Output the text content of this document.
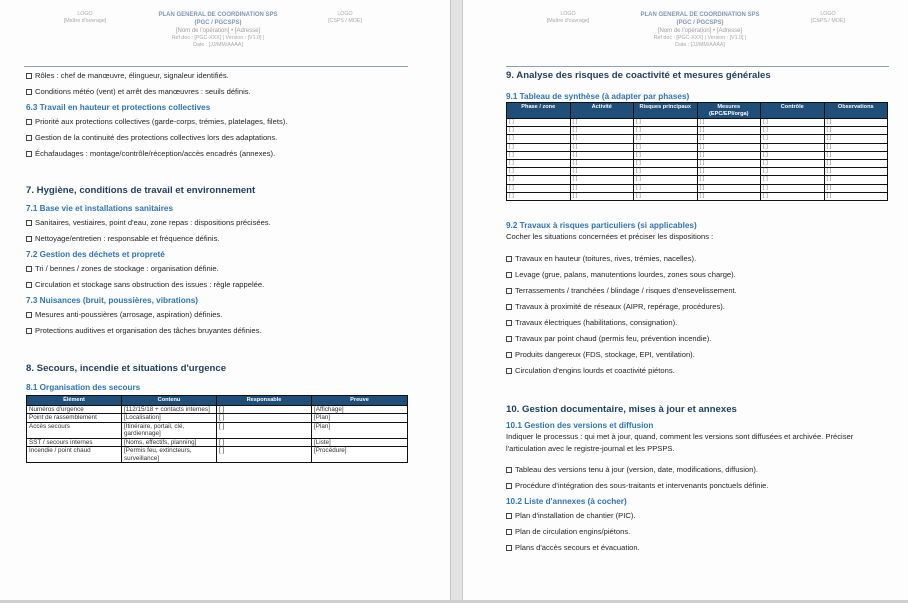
LOGO
[Maître d'ouvrage]
PLAN GENERAL DE COORDINATION SPS
(PGC / PGCSPS)
[Nom de l'opération] • [Adresse]
Réf doc : [PGC-XXX] | Version : [V1.0] |
Date : [JJ/MM/AAAA]
LOGO
[CSPS / MOE]
Rôles : chef de manœuvre, élingueur, signaleur identifiés.
Conditions météo (vent) et arrêt des manœuvres : seuils définis.
6.3 Travail en hauteur et protections collectives
Priorité aux protections collectives (garde-corps, trémies, platelages, filets).
Gestion de la continuité des protections collectives lors des adaptations.
Échafaudages : montage/contrôle/réception/accès encadrés (annexes).
7. Hygiène, conditions de travail et environnement
7.1 Base vie et installations sanitaires
Sanitaires, vestiaires, point d'eau, zone repas : dispositions précisées.
Nettoyage/entretien : responsable et fréquence définis.
7.2 Gestion des déchets et propreté
Tri / bennes / zones de stockage : organisation définie.
Circulation et stockage sans obstruction des issues : règle rappelée.
7.3 Nuisances (bruit, poussières, vibrations)
Mesures anti-poussières (arrosage, aspiration) définies.
Protections auditives et organisation des tâches bruyantes définies.
8. Secours, incendie et situations d'urgence
8.1 Organisation des secours
Élément	Contenu	Responsable	Preuve
Numéros d'urgence	[112/15/18 + contacts internes]	[ ]	[Affichage]
Point de rassemblement	[Localisation]	[ ]	[Plan]
Accès secours	[Itinéraire, portail, clé, gardiennage]	[ ]	[Plan]
SST / secours internes	[Noms, effectifs, planning]	[ ]	[Liste]
Incendie / point chaud	[Permis feu, extincteurs, surveillance]	[ ]	[Procédure]
LOGO
[Maître d'ouvrage]
PLAN GENERAL DE COORDINATION SPS
(PGC / PGCSPS)
[Nom de l'opération] • [Adresse]
Réf doc : [PGC-XXX] | Version : [V1.0] |
Date : [JJ/MM/AAAA]
LOGO
[CSPS / MOE]
9. Analyse des risques de coactivité et mesures générales
9.1 Tableau de synthèse (à adapter par phases)
Phase / zone	Activité	Risques principaux	Mesures (EPC/EPI/orga)	Contrôle	Observations
[ ]	[ ]	[ ]	[ ]	[ ]	[ ]
[ ]	[ ]	[ ]	[ ]	[ ]	[ ]
[ ]	[ ]	[ ]	[ ]	[ ]	[ ]
[ ]	[ ]	[ ]	[ ]	[ ]	[ ]
[ ]	[ ]	[ ]	[ ]	[ ]	[ ]
[ ]	[ ]	[ ]	[ ]	[ ]	[ ]
[ ]	[ ]	[ ]	[ ]	[ ]	[ ]
[ ]	[ ]	[ ]	[ ]	[ ]	[ ]
[ ]	[ ]	[ ]	[ ]	[ ]	[ ]
[ ]	[ ]	[ ]	[ ]	[ ]	[ ]
9.2 Travaux à risques particuliers (si applicables)
Cocher les situations concernées et préciser les dispositions :
Travaux en hauteur (toitures, rives, trémies, nacelles).
Levage (grue, palans, manutentions lourdes, zones sous charge).
Terrassements / tranchées / blindage / risques d'ensevelissement.
Travaux à proximité de réseaux (AIPR, repérage, procédures).
Travaux électriques (habilitations, consignation).
Travaux par point chaud (permis feu, prévention incendie).
Produits dangereux (FDS, stockage, EPI, ventilation).
Circulation d'engins lourds et coactivité piétons.
10. Gestion documentaire, mises à jour et annexes
10.1 Gestion des versions et diffusion
Indiquer le processus : qui met à jour, quand, comment les versions sont diffusées et archivée. Préciser l'articulation avec le registre-journal et les PPSPS.
Tableau des versions tenu à jour (version, date, modifications, diffusion).
Procédure d'intégration des sous-traitants et intervenants ponctuels définie.
10.2 Liste d'annexes (à cocher)
Plan d'installation de chantier (PIC).
Plan de circulation engins/piétons.
Plans d'accès secours et évacuation.
